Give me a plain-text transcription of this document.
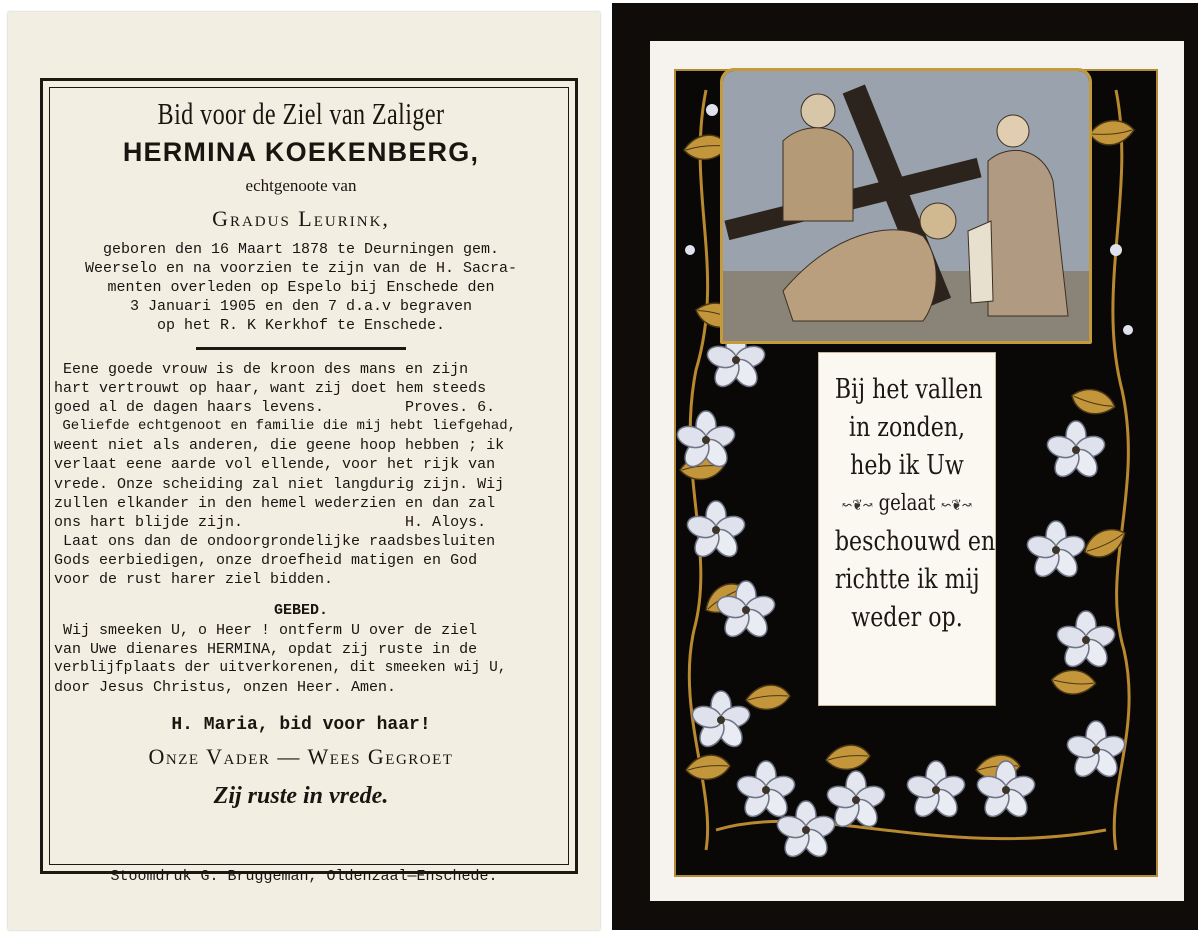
Bid voor de Ziel van Zaliger
HERMINA KOEKENBERG,
echtgenoote van
Gradus Leurink,
geboren den 16 Maart 1878 te Deurningen gem.
Weerselo en na voorzien te zijn van de H. Sacra-
menten overleden op Espelo bij Enschede den
3 Januari 1905 en den 7 d.a.v begraven
op het R. K Kerkhof te Enschede.
Eene goede vrouw is de kroon des mans en zijn
hart vertrouwt op haar, want zij doet hem steeds
goed al de dagen haars levens.         Proves. 6.
Geliefde echtgenoot en familie die mij hebt liefgehad,
weent niet als anderen, die geene hoop hebben ; ik
verlaat eene aarde vol ellende, voor het rijk van
vrede. Onze scheiding zal niet langdurig zijn. Wij
zullen elkander in den hemel wederzien en dan zal
ons hart blijde zijn.                  H. Aloys.
Laat ons dan de ondoorgrondelijke raadsbesluiten
Gods eerbiedigen, onze droefheid matigen en God
voor de rust harer ziel bidden.
GEBED.
Wij smeeken U, o Heer ! ontferm U over de ziel
van Uwe dienares HERMINA, opdat zij ruste in de
verblijfplaats der uitverkorenen, dit smeeken wij U,
door Jesus Christus, onzen Heer. Amen.
H. Maria, bid voor haar!
Onze Vader — Wees Gegroet
Zij ruste in vrede.
Stoomdruk G. Bruggeman, Oldenzaal—Enschede.
Bij het vallen
in zonden,
heb ik Uw
↜❦↝ gelaat ↜❦↝
beschouwd en
richtte ik mij
weder op.
